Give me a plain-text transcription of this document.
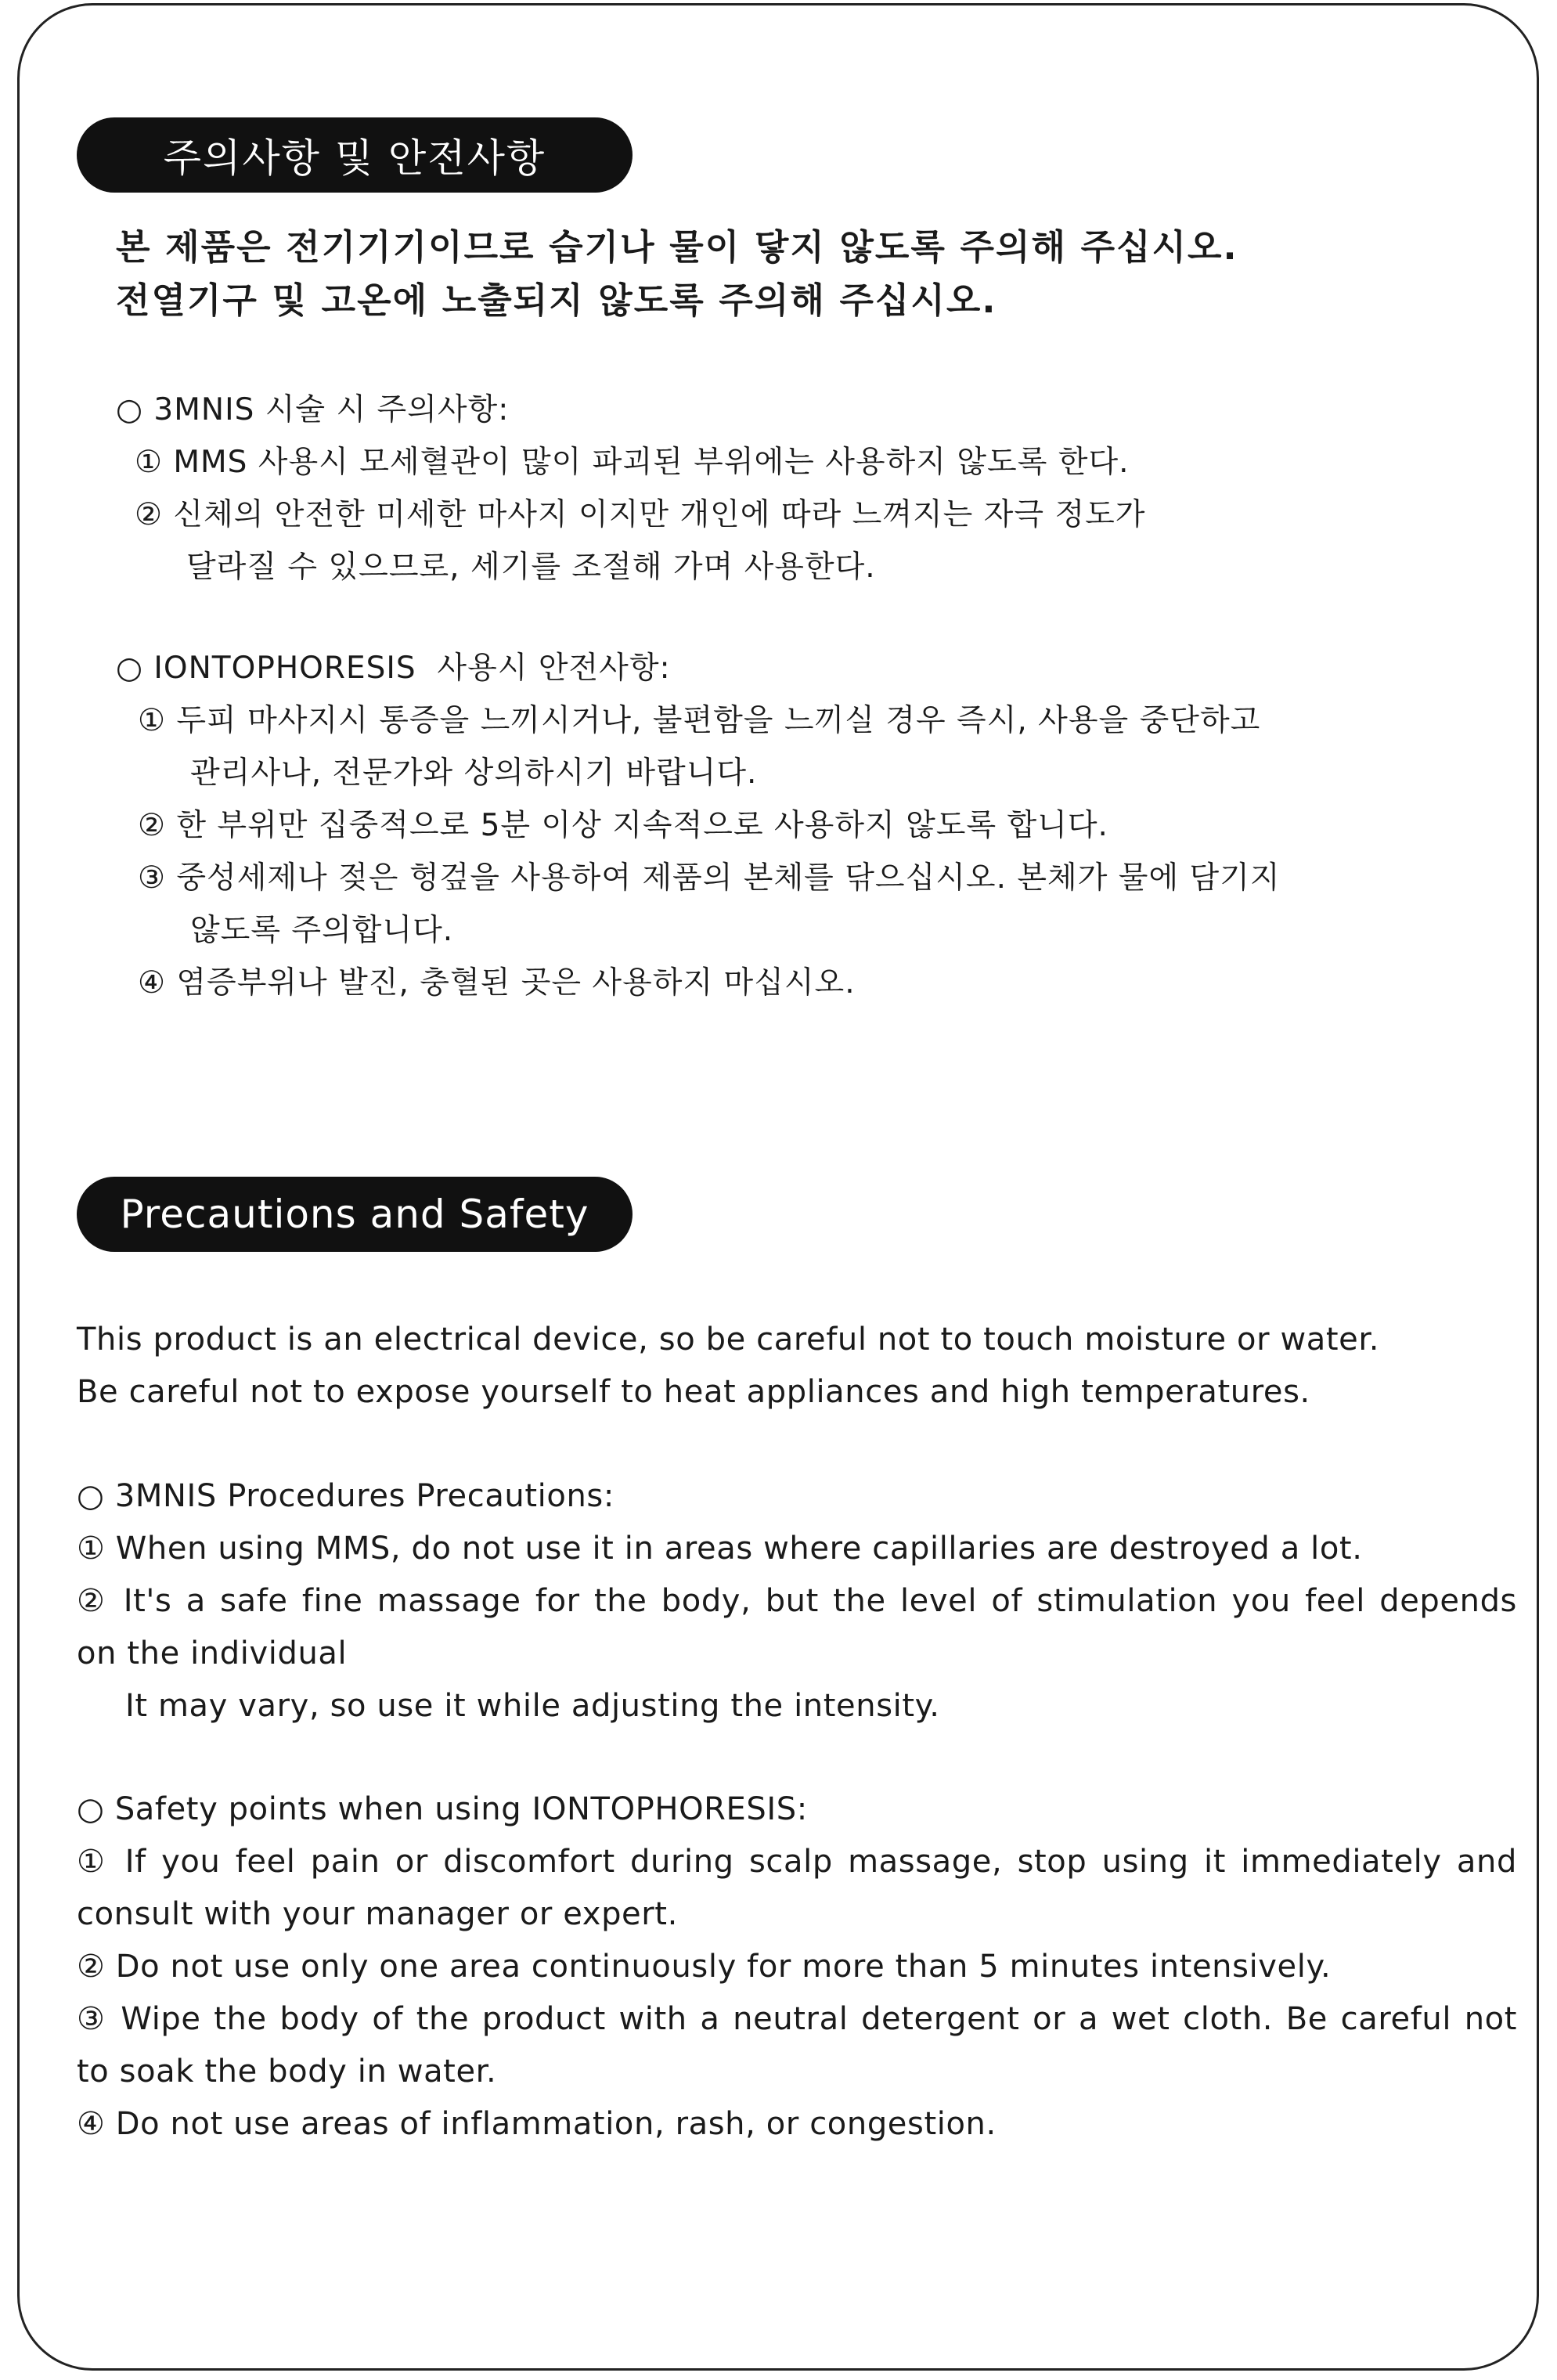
주의사항 및 안전사항
본 제품은 전기기기이므로 습기나 물이 닿지 않도록 주의해 주십시오.
전열기구 및 고온에 노출되지 않도록 주의해 주십시오.
○ 3MNIS 시술 시 주의사항:
① MMS 사용시 모세혈관이 많이 파괴된 부위에는 사용하지 않도록 한다.
② 신체의 안전한 미세한 마사지 이지만 개인에 따라 느껴지는 자극 정도가
달라질 수 있으므로, 세기를 조절해 가며 사용한다.
○ IONTOPHORESIS  사용시 안전사항:
① 두피 마사지시 통증을 느끼시거나, 불편함을 느끼실 경우 즉시, 사용을 중단하고
관리사나, 전문가와 상의하시기 바랍니다.
② 한 부위만 집중적으로 5분 이상 지속적으로 사용하지 않도록 합니다.
③ 중성세제나 젖은 헝겊을 사용하여 제품의 본체를 닦으십시오. 본체가 물에 담기지
않도록 주의합니다.
④ 염증부위나 발진, 충혈된 곳은 사용하지 마십시오.
Precautions and Safety
This product is an electrical device, so be careful not to touch moisture or water.
Be careful not to expose yourself to heat appliances and high temperatures.
○ 3MNIS Procedures Precautions:
① When using MMS, do not use it in areas where capillaries are destroyed a lot.
② It's a safe fine massage for the body, but the level of stimulation you feel depends
on the individual
It may vary, so use it while adjusting the intensity.
○ Safety points when using IONTOPHORESIS:
① If you feel pain or discomfort during scalp massage, stop using it immediately and
consult with your manager or expert.
② Do not use only one area continuously for more than 5 minutes intensively.
③ Wipe the body of the product with a neutral detergent or a wet cloth. Be careful not
to soak the body in water.
④ Do not use areas of inflammation, rash, or congestion.
